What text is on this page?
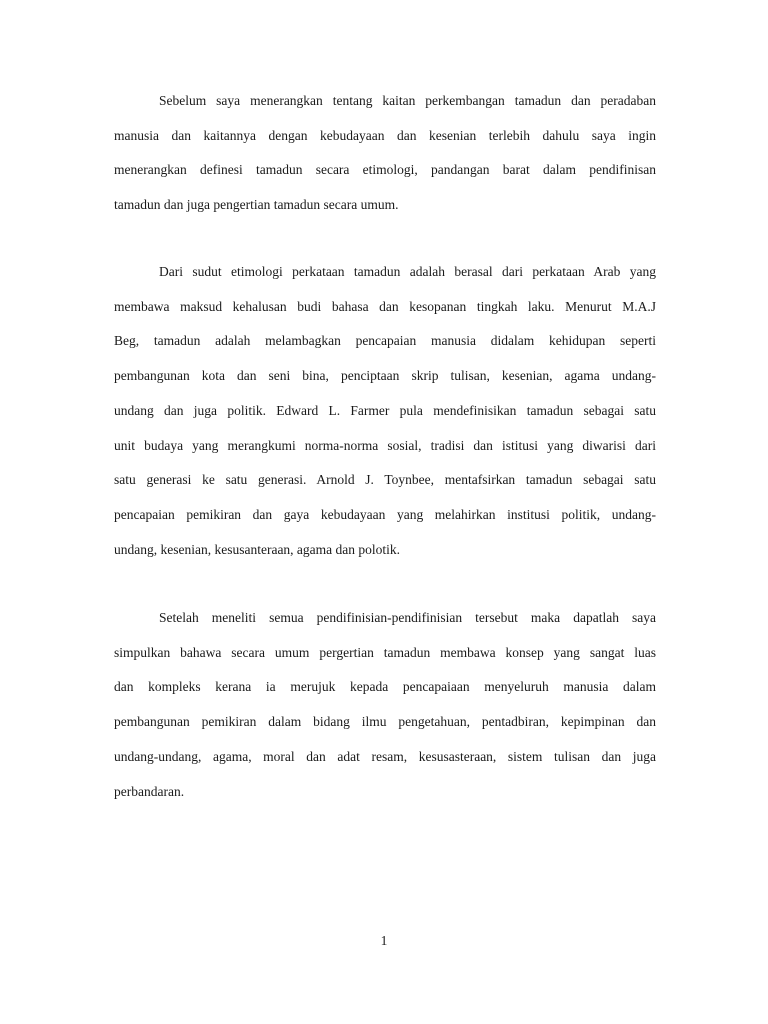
Sebelum saya menerangkan tentang kaitan perkembangan tamadun dan peradaban
manusia dan kaitannya dengan kebudayaan dan kesenian terlebih dahulu saya ingin
menerangkan definesi tamadun secara etimologi, pandangan barat dalam pendifinisan
tamadun dan juga pengertian tamadun secara umum.
Dari sudut etimologi perkataan tamadun adalah berasal dari perkataan Arab yang
membawa maksud kehalusan budi bahasa dan kesopanan tingkah laku. Menurut M.A.J
Beg, tamadun adalah melambagkan pencapaian manusia didalam kehidupan seperti
pembangunan kota dan seni bina, penciptaan skrip tulisan, kesenian, agama undang-
undang dan juga politik. Edward L. Farmer pula mendefinisikan tamadun sebagai satu
unit budaya yang merangkumi norma-norma sosial, tradisi dan istitusi yang diwarisi dari
satu generasi ke satu generasi. Arnold J. Toynbee, mentafsirkan tamadun sebagai satu
pencapaian pemikiran dan gaya kebudayaan yang melahirkan institusi politik, undang-
undang, kesenian, kesusanteraan, agama dan polotik.
Setelah meneliti semua pendifinisian-pendifinisian tersebut maka dapatlah saya
simpulkan bahawa secara umum pergertian tamadun membawa konsep yang sangat luas
dan kompleks kerana ia merujuk kepada pencapaiaan menyeluruh manusia dalam
pembangunan pemikiran dalam bidang ilmu pengetahuan, pentadbiran, kepimpinan dan
undang-undang, agama, moral dan adat resam, kesusasteraan, sistem tulisan dan juga
perbandaran.
1
